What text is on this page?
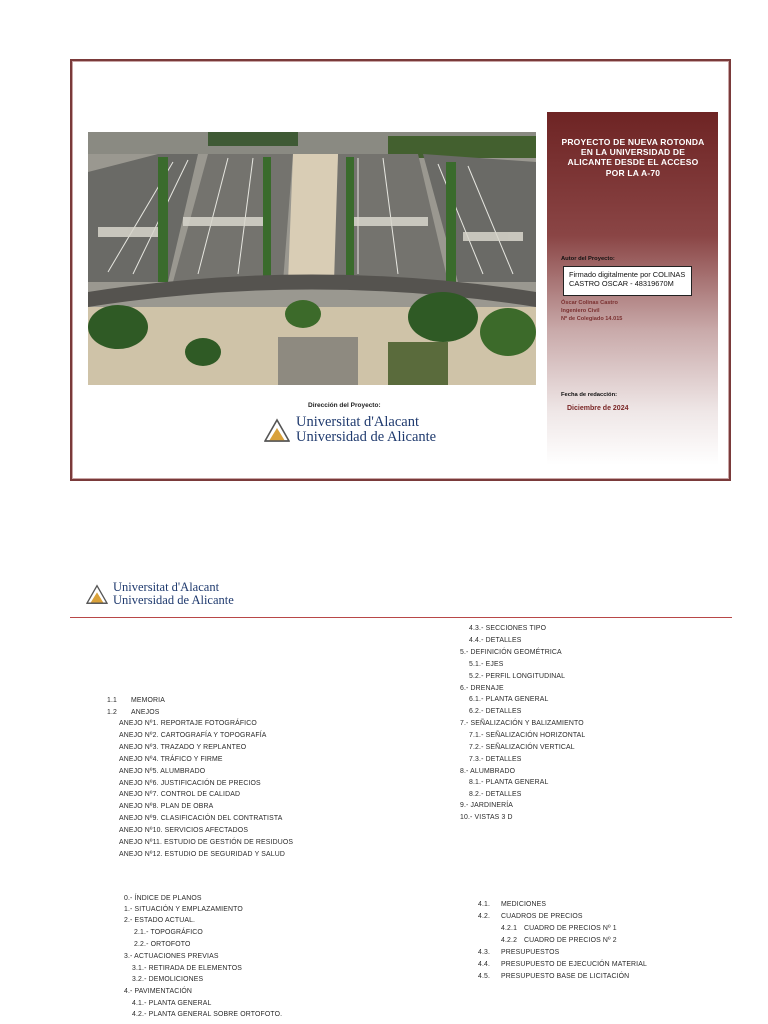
Dirección del Proyecto:
Universitat d'Alacant
Universidad de Alicante
PROYECTO DE NUEVA ROTONDA EN LA UNIVERSIDAD DE ALICANTE DESDE EL ACCESO POR LA A-70
Autor del Proyecto:
Firmado digitalmente por COLINAS
CASTRO OSCAR - 48319670M
Óscar Colinas Castro
Ingeniero Civil
Nº de Colegiado 14.015
Fecha de redacción:
Diciembre de 2024
Universitat d'Alacant
Universidad de Alicante
1.1 MEMORIA
1.2 ANEJOS
ANEJO Nº1. REPORTAJE FOTOGRÁFICO
ANEJO Nº2. CARTOGRAFÍA Y TOPOGRAFÍA
ANEJO Nº3. TRAZADO Y REPLANTEO
ANEJO Nº4. TRÁFICO Y FIRME
ANEJO Nº5. ALUMBRADO
ANEJO Nº6. JUSTIFICACIÓN DE PRECIOS
ANEJO Nº7. CONTROL DE CALIDAD
ANEJO Nº8. PLAN DE OBRA
ANEJO Nº9. CLASIFICACIÓN DEL CONTRATISTA
ANEJO Nº10. SERVICIOS AFECTADOS
ANEJO Nº11. ESTUDIO DE GESTIÓN DE RESIDUOS
ANEJO Nº12. ESTUDIO DE SEGURIDAD Y SALUD
4.3.- SECCIONES TIPO
4.4.- DETALLES
5.- DEFINICIÓN GEOMÉTRICA
5.1.- EJES
5.2.- PERFIL LONGITUDINAL
6.- DRENAJE
6.1.- PLANTA GENERAL
6.2.- DETALLES
7.- SEÑALIZACIÓN Y BALIZAMIENTO
7.1.- SEÑALIZACIÓN HORIZONTAL
7.2.- SEÑALIZACIÓN VERTICAL
7.3.- DETALLES
8.- ALUMBRADO
8.1.- PLANTA GENERAL
8.2.- DETALLES
9.- JARDINERÍA
10.- VISTAS 3 D
0.- ÍNDICE DE PLANOS
1.- SITUACIÓN Y EMPLAZAMIENTO
2.- ESTADO ACTUAL.
2.1.- TOPOGRÁFICO
2.2.- ORTOFOTO
3.- ACTUACIONES PREVIAS
3.1.- RETIRADA DE ELEMENTOS
3.2.- DEMOLICIONES
4.- PAVIMENTACIÓN
4.1.- PLANTA GENERAL
4.2.- PLANTA GENERAL SOBRE ORTOFOTO.
4.1. MEDICIONES
4.2. CUADROS DE PRECIOS
4.2.1 CUADRO DE PRECIOS Nº 1
4.2.2 CUADRO DE PRECIOS Nº 2
4.3. PRESUPUESTOS
4.4. PRESUPUESTO DE EJECUCIÓN MATERIAL
4.5. PRESUPUESTO BASE DE LICITACIÓN
